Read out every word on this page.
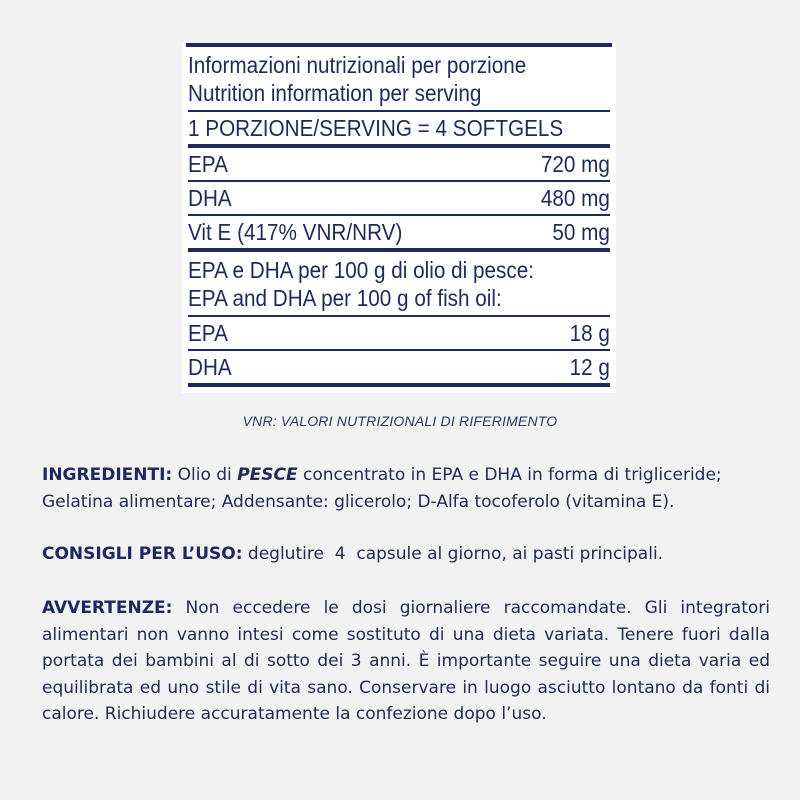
Informazioni nutrizionali per porzione
Nutrition information per serving
1 PORZIONE/SERVING = 4 SOFTGELS
EPA	720 mg
DHA	480 mg
Vit E (417% VNR/NRV)	50 mg
EPA e DHA per 100 g di olio di pesce:
EPA and DHA per 100 g of fish oil:
EPA	18 g
DHA	12 g
VNR: VALORI NUTRIZIONALI DI RIFERIMENTO
INGREDIENTI: Olio di PESCE concentrato in EPA e DHA in forma di trigliceride; Gelatina alimentare; Addensante: glicerolo; D-Alfa tocoferolo (vitamina E).
CONSIGLI PER L’USO: deglutire  4  capsule al giorno, ai pasti principali.
AVVERTENZE: Non eccedere le dosi giornaliere raccomandate. Gli integratori alimentari non vanno intesi come sostituto di una dieta variata. Tenere fuori dalla portata dei bambini al di sotto dei 3 anni. È importante seguire una dieta varia ed equilibrata ed uno stile di vita sano. Conservare in luogo asciutto lontano da fonti di calore. Richiudere accuratamente la confezione dopo l’uso.
